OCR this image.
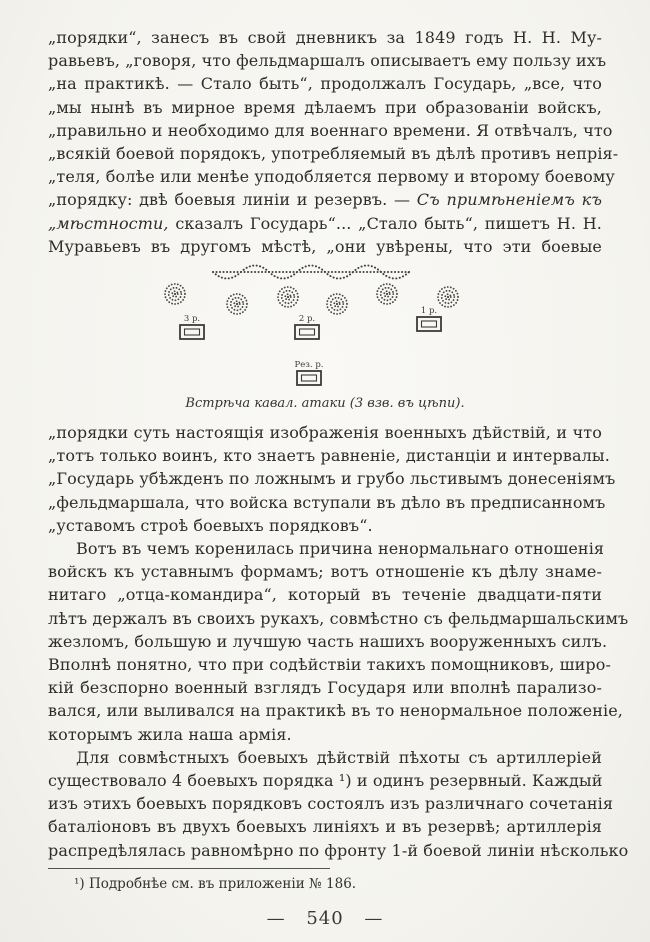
„порядки“, занесъ въ свой дневникъ за 1849 годъ Н. Н. Му-
равьевъ, „говоря, что фельдмаршалъ описываетъ ему пользу ихъ
„на практикѣ. — Стало быть“, продолжалъ Государь, „все, что
„мы нынѣ въ мирное время дѣлаемъ при образованіи войскъ,
„правильно и необходимо для военнаго времени. Я отвѣчалъ, что
„всякій боевой порядокъ, употребляемый въ дѣлѣ противъ непрія-
„теля, болѣе или менѣе уподобляется первому и второму боевому
„порядку: двѣ боевыя линіи и резервъ. — Съ примѣненіемъ къ
„мѣстности, сказалъ Государь“... „Стало быть“, пишетъ Н. Н.
Муравьевъ въ другомъ мѣстѣ, „они увѣрены, что эти боевые
3 р.	2 р.
1 р.
Рез. р.
Встрѣча кавал. атаки (3 взв. въ цѣпи).
„порядки суть настоящія изображенія военныхъ дѣйствій, и что
„тотъ только воинъ, кто знаетъ равненіе, дистанціи и интервалы.
„Государь убѣжденъ по ложнымъ и грубо льстивымъ донесеніямъ
„фельдмаршала, что войска вступали въ дѣло въ предписанномъ
„уставомъ строѣ боевыхъ порядковъ“.
Вотъ въ чемъ коренилась причина ненормальнаго отношенія
войскъ къ уставнымъ формамъ; вотъ отношеніе къ дѣлу знаме-
нитаго „отца-командира“, который въ теченіе двадцати-пяти
лѣтъ держалъ въ своихъ рукахъ, совмѣстно съ фельдмаршальскимъ
жезломъ, большую и лучшую часть нашихъ вооруженныхъ силъ.
Вполнѣ понятно, что при содѣйствіи такихъ помощниковъ, широ-
кій безспорно военный взглядъ Государя или вполнѣ парализо-
вался, или выливался на практикѣ въ то ненормальное положеніе,
которымъ жила наша армія.
Для совмѣстныхъ боевыхъ дѣйствій пѣхоты съ артиллеріей
существовало 4 боевыхъ порядка ¹) и одинъ резервный. Каждый
изъ этихъ боевыхъ порядковъ состоялъ изъ различнаго сочетанія
баталіоновъ въ двухъ боевыхъ линіяхъ и въ резервѣ; артиллерія
распредѣлялась равномѣрно по фронту 1-й боевой линіи нѣсколько
¹) Подробнѣе см. въ приложеніи № 186.
— 540 —
